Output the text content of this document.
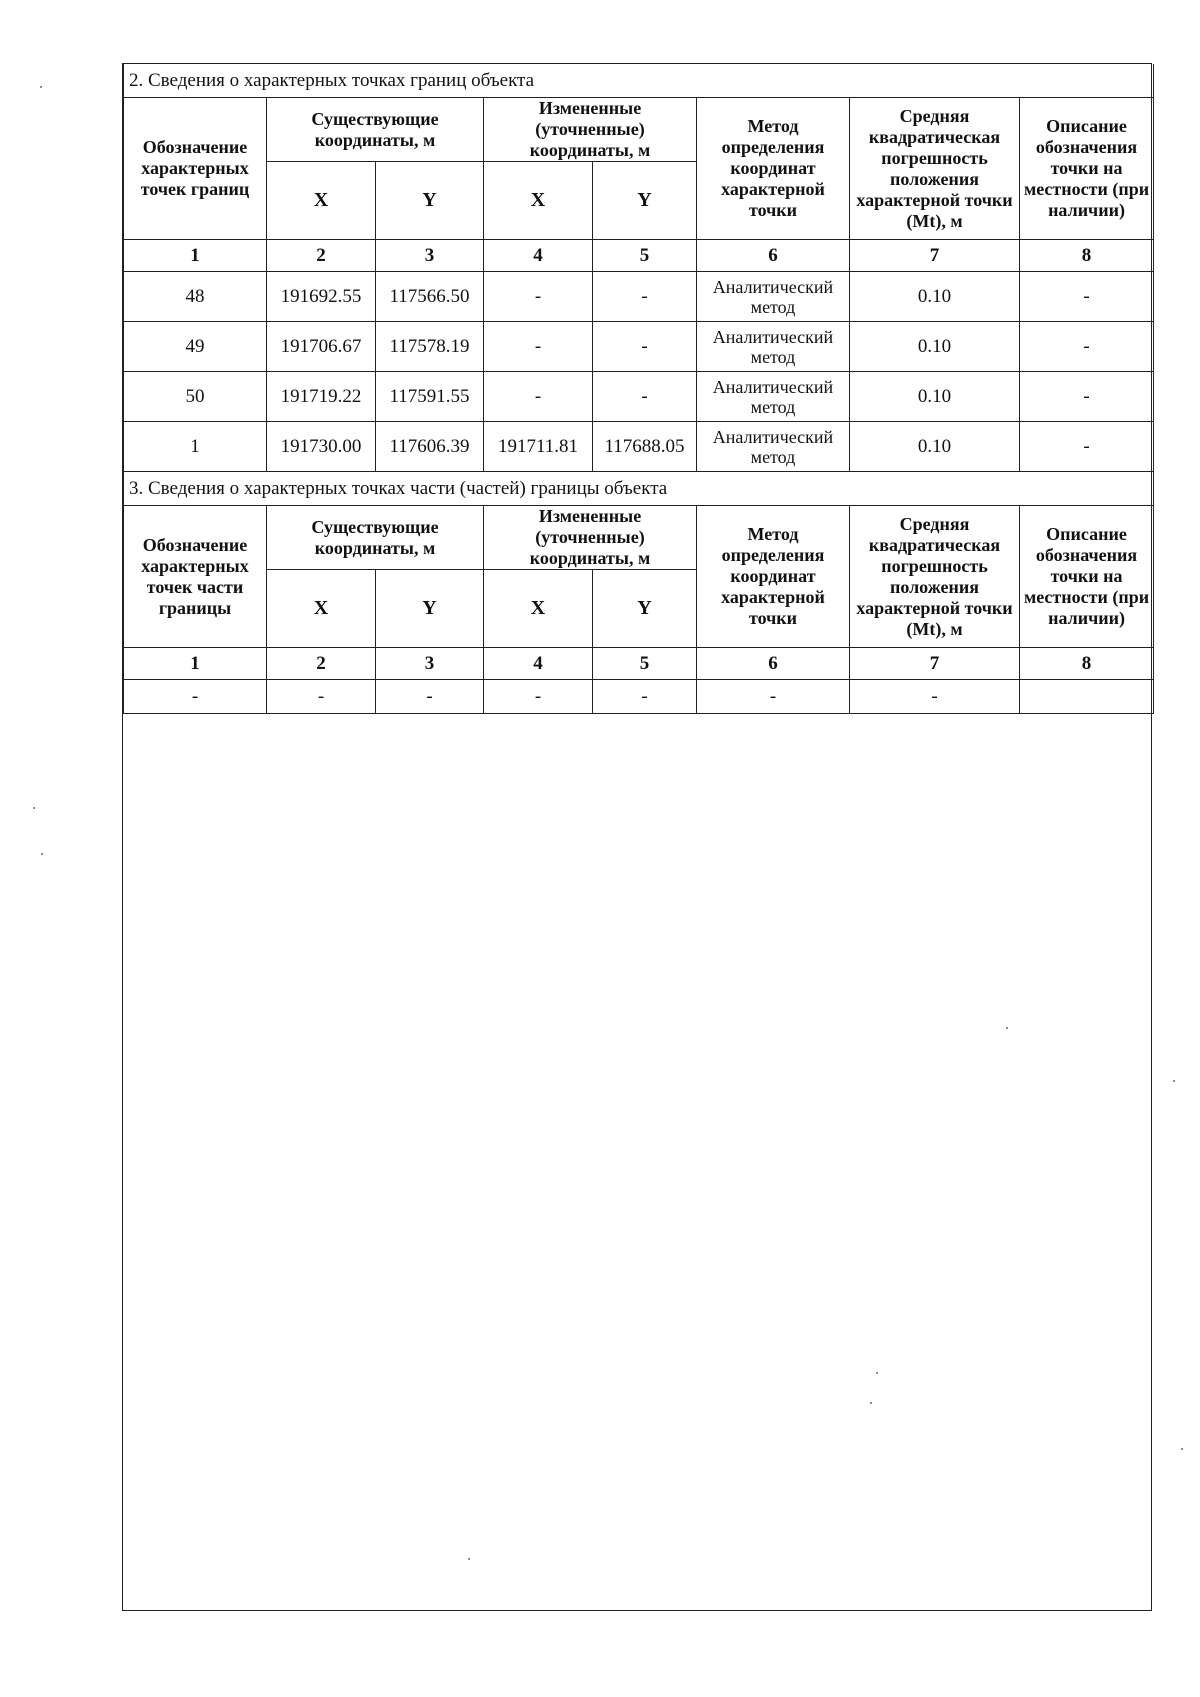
2. Сведения о характерных точках границ объекта							
Обозначение характерных точек границ	Существующие координаты, м		Измененные (уточненные) координаты, м		Метод определения координат характерной точки	Средняя квадратическая погрешность положения характерной точки (Mt), м	Описание обозначения точки на местности (при наличии)
	X	Y	X	Y			
1	2	3	4	5	6	7	8
48	191692.55	117566.50	-	-	Аналитический метод	0.10	-
49	191706.67	117578.19	-	-	Аналитический метод	0.10	-
50	191719.22	117591.55	-	-	Аналитический метод	0.10	-
1	191730.00	117606.39	191711.81	117688.05	Аналитический метод	0.10	-
3. Сведения о характерных точках части (частей) границы объекта							
Обозначение характерных точек части границы	Существующие координаты, м		Измененные (уточненные) координаты, м		Метод определения координат характерной точки	Средняя квадратическая погрешность положения характерной точки (Mt), м	Описание обозначения точки на местности (при наличии)
	X	Y	X	Y			
1	2	3	4	5	6	7	8
-	-	-	-	-	-	-	
